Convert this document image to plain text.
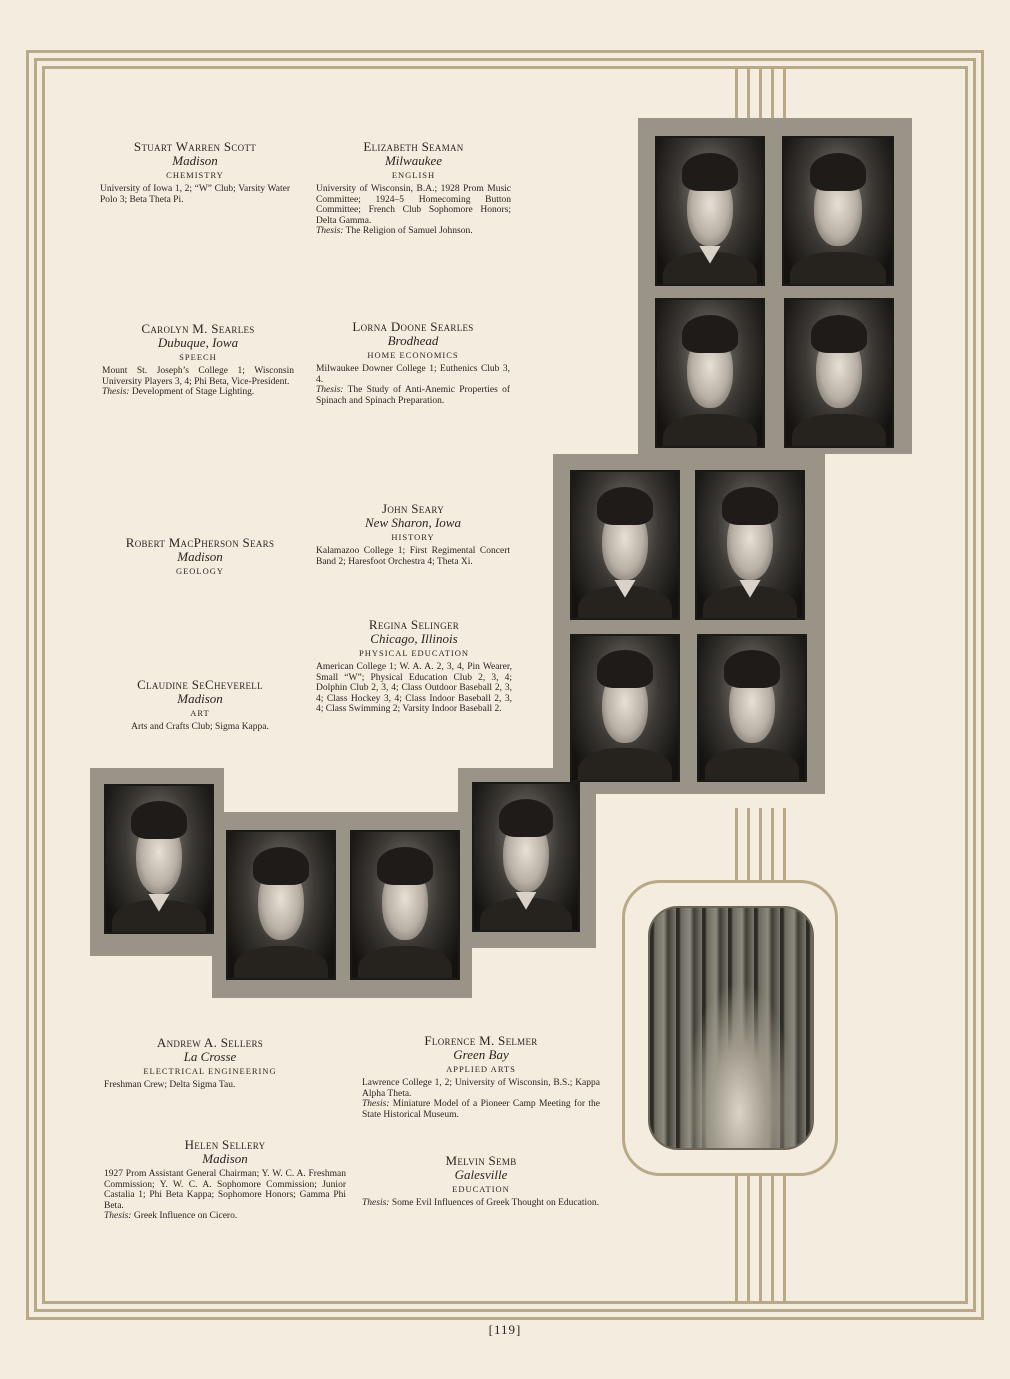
Stuart Warren Scott
Madison
CHEMISTRY
University of Iowa 1, 2; “W” Club; Varsity Water Polo 3; Beta Theta Pi.
Elizabeth Seaman
Milwaukee
ENGLISH
University of Wisconsin, B.A.; 1928 Prom Music Committee; 1924–5 Homecoming Button Committee; French Club Sophomore Honors; Delta Gamma.
Thesis: The Religion of Samuel Johnson.
Carolyn M. Searles
Dubuque, Iowa
SPEECH
Mount St. Joseph’s College 1; Wisconsin University Players 3, 4; Phi Beta, Vice-President.
Thesis: Development of Stage Lighting.
Lorna Doone Searles
Brodhead
HOME ECONOMICS
Milwaukee Downer College 1; Euthenics Club 3, 4.
Thesis: The Study of Anti-Anemic Properties of Spinach and Spinach Preparation.
Robert MacPherson Sears
Madison
GEOLOGY
John Seary
New Sharon, Iowa
HISTORY
Kalamazoo College 1; First Regimental Concert Band 2; Haresfoot Orchestra 4; Theta Xi.
Regina Selinger
Chicago, Illinois
PHYSICAL EDUCATION
American College 1; W. A. A. 2, 3, 4, Pin Wearer, Small “W”; Physical Education Club 2, 3, 4; Dolphin Club 2, 3, 4; Class Outdoor Baseball 2, 3, 4; Class Hockey 3, 4; Class Indoor Baseball 2, 3, 4; Class Swimming 2; Varsity Indoor Baseball 2.
Claudine SeCheverell
Madison
ART
Arts and Crafts Club; Sigma Kappa.
Andrew A. Sellers
La Crosse
ELECTRICAL ENGINEERING
Freshman Crew; Delta Sigma Tau.
Florence M. Selmer
Green Bay
APPLIED ARTS
Lawrence College 1, 2; University of Wisconsin, B.S.; Kappa Alpha Theta.
Thesis: Miniature Model of a Pioneer Camp Meeting for the State Historical Museum.
Helen Sellery
Madison
1927 Prom Assistant General Chairman; Y. W. C. A. Freshman Commission; Y. W. C. A. Sophomore Commission; Junior Castalia 1; Phi Beta Kappa; Sophomore Honors; Gamma Phi Beta.
Thesis: Greek Influence on Cicero.
Melvin Semb
Galesville
EDUCATION
Thesis: Some Evil Influences of Greek Thought on Education.
[119]
